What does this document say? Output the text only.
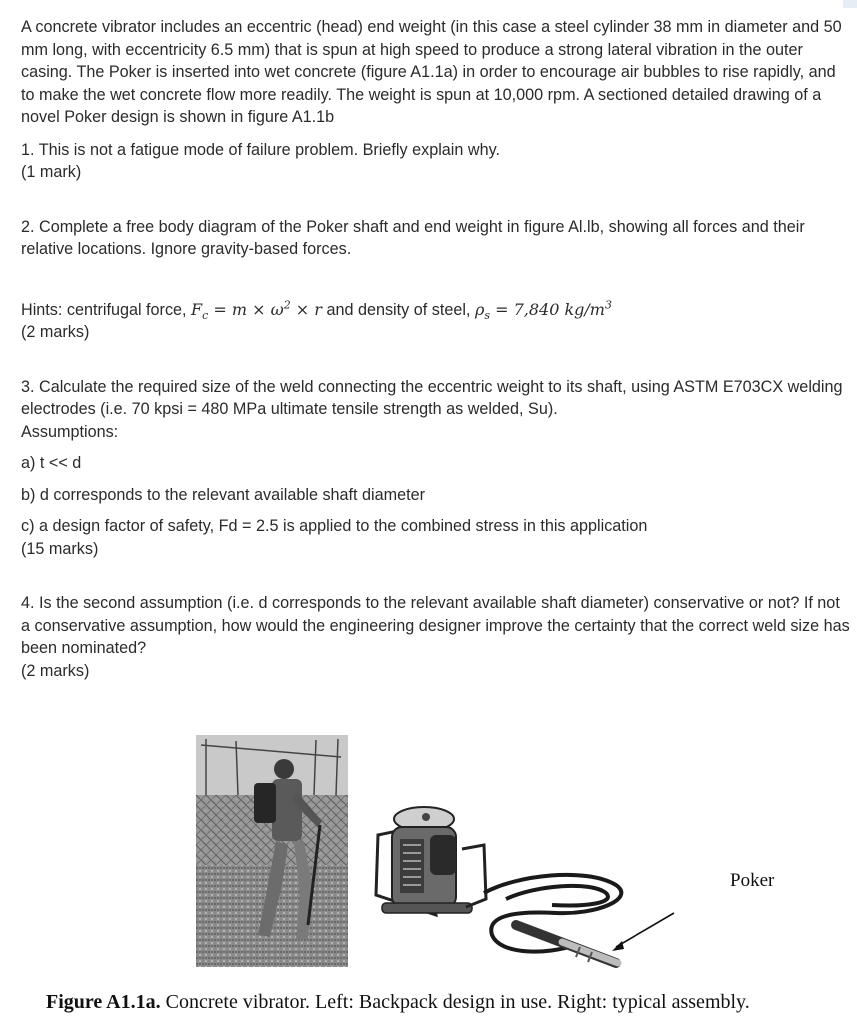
A concrete vibrator includes an eccentric (head) end weight (in this case a steel cylinder 38 mm in diameter and 50 mm long, with eccentricity 6.5 mm) that is spun at high speed to produce a strong lateral vibration in the outer casing. The Poker is inserted into wet concrete (figure A1.1a) in order to encourage air bubbles to rise rapidly, and to make the wet concrete flow more readily. The weight is spun at 10,000 rpm. A sectioned detailed drawing of a novel Poker design is shown in figure A1.1b

1. This is not a fatigue mode of failure problem. Briefly explain why.

(1 mark)

2. Complete a free body diagram of the Poker shaft and end weight in figure Al.lb, showing all forces and their relative locations. Ignore gravity-based forces.

Hints: centrifugal force, $F_c = m \times \omega^2 \times r$ and density of steel, $\rho_s = 7,840$ $kg/m^3$

(2 marks)

3. Calculate the required size of the weld connecting the eccentric weight to its shaft, using ASTM E703CX welding electrodes (i.e. 70 kpsi = 480 MPa ultimate tensile strength as welded, Su).

Assumptions:

a) t << d

b) d corresponds to the relevant available shaft diameter

c) a design factor of safety, Fd = 2.5 is applied to the combined stress in this application

(15 marks)

4. Is the second assumption (i.e. d corresponds to the relevant available shaft diameter) conservative or not? If not a conservative assumption, how would the engineering designer improve the certainty that the correct weld size has been nominated?

(2 marks)

Poker
Figure A1.1a. Concrete vibrator. Left: Backpack design in use. Right: typical assembly.
